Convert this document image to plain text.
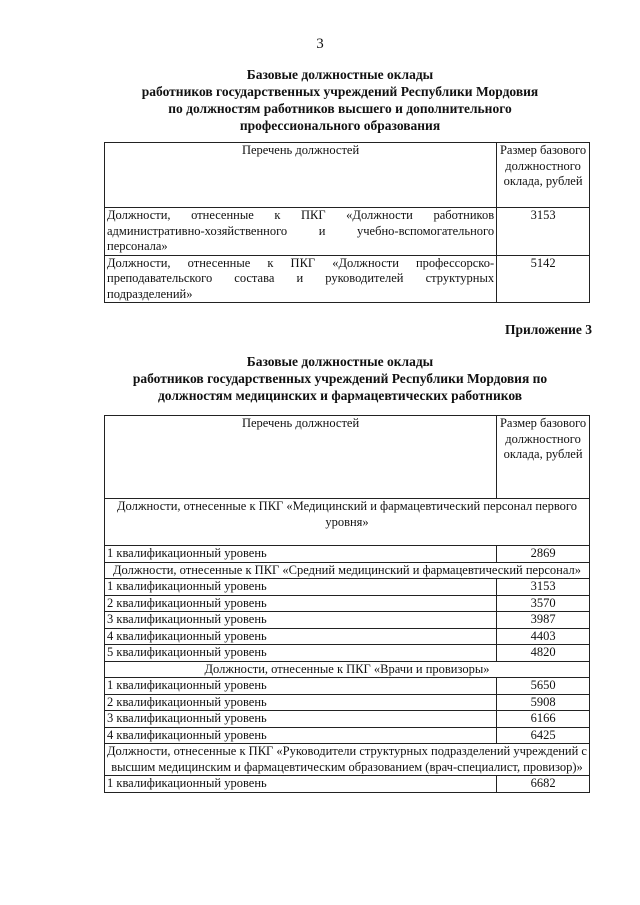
3
Базовые должностные оклады
работников государственных учреждений Республики Мордовия
по должностям работников высшего и дополнительного
профессионального образования
Перечень должностей	Размер базового должностного оклада, рублей

Должности, отнесенные к ПКГ «Должности работников
административно-хозяйственного и учебно-вспомогательного
персонала»	3153

Должности, отнесенные к ПКГ «Должности профессорско-
преподавательского состава и руководителей структурных
подразделений»	5142
Приложение 3
Базовые должностные оклады
работников государственных учреждений Республики Мордовия по
должностям медицинских и фармацевтических работников
Перечень должностей	Размер базового должностного оклада, рублей
Должности, отнесенные к ПКГ «Медицинский и фармацевтический персонал первого уровня»	
1 квалификационный уровень	2869
Должности, отнесенные к ПКГ «Средний медицинский и фармацевтический персонал»	
1 квалификационный уровень	3153
2 квалификационный уровень	3570
3 квалификационный уровень	3987
4 квалификационный уровень	4403
5 квалификационный уровень	4820
Должности, отнесенные к ПКГ «Врачи и провизоры»	
1 квалификационный уровень	5650
2 квалификационный уровень	5908
3 квалификационный уровень	6166
4 квалификационный уровень	6425
Должности, отнесенные к ПКГ «Руководители структурных подразделений учреждений с высшим медицинским и фармацевтическим образованием (врач-специалист, провизор)»	
1 квалификационный уровень	6682
